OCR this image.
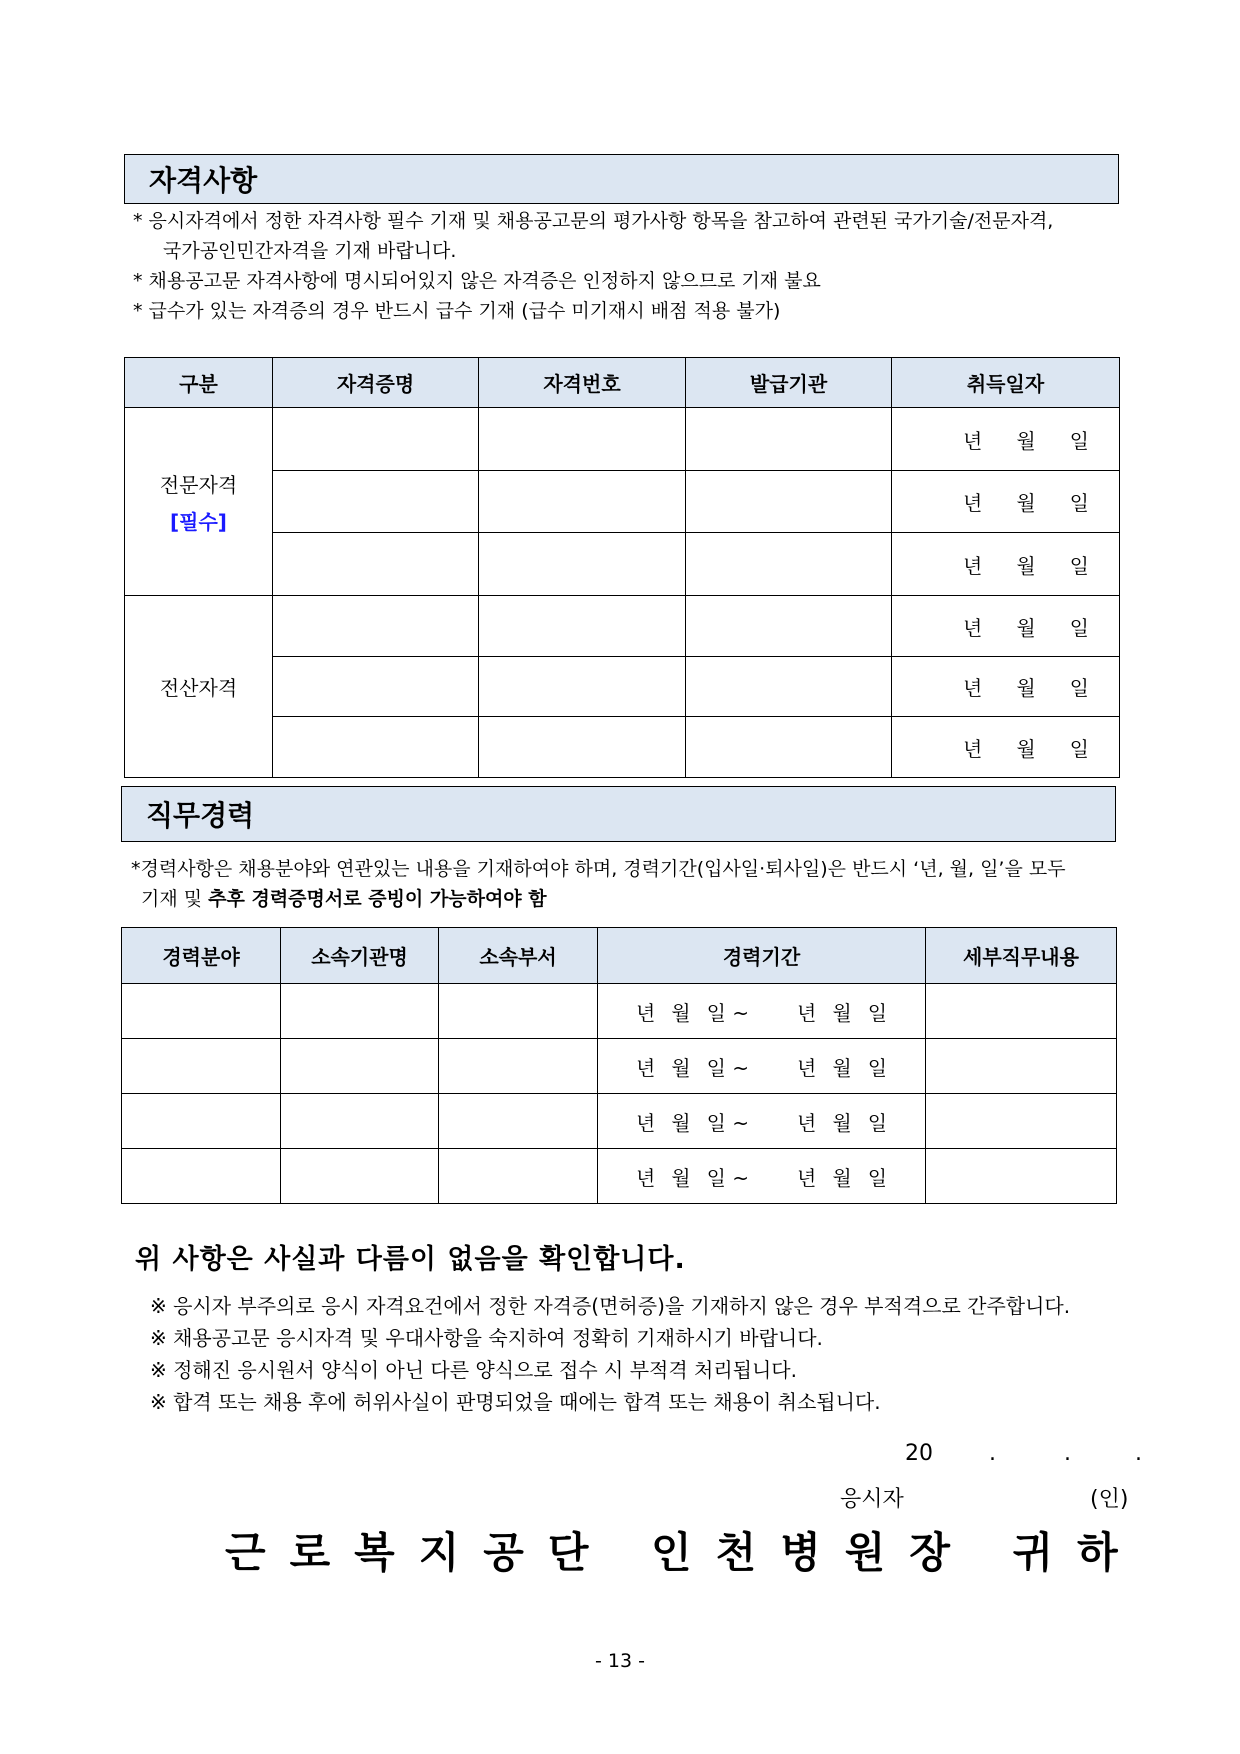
자격사항
* 응시자격에서 정한 자격사항 필수 기재 및 채용공고문의 평가사항 항목을 참고하여 관련된 국가기술/전문자격,
국가공인민간자격을 기재 바랍니다.
* 채용공고문 자격사항에 명시되어있지 않은 자격증은 인정하지 않으므로 기재 불요
* 급수가 있는 자격증의 경우 반드시 급수 기재 (급수 미기재시 배점 적용 불가)
구분	자격증명	자격번호	발급기관	취득일자

전문자격
[필수]				년 월 일
				년 월 일
				년 월 일

전산자격				년 월 일
				년 월 일
				년 월 일
직무경력
*경력사항은 채용분야와 연관있는 내용을 기재하여야 하며, 경력기간(입사일·퇴사일)은 반드시 ‘년, 월, 일’을 모두
기재 및 추후 경력증명서로 증빙이 가능하여야 함
경력분야	소속기관명	소속부서	경력기간	세부직무내용
			년 월 일 ~ 년 월 일	
			년 월 일 ~ 년 월 일	
			년 월 일 ~ 년 월 일	
			년 월 일 ~ 년 월 일	
위 사항은 사실과 다름이 없음을 확인합니다.
※ 응시자 부주의로 응시 자격요건에서 정한 자격증(면허증)을 기재하지 않은 경우 부적격으로 간주합니다.
※ 채용공고문 응시자격 및 우대사항을 숙지하여 정확히 기재하시기 바랍니다.
※ 정해진 응시원서 양식이 아닌 다른 양식으로 접수 시 부적격 처리됩니다.
※ 합격 또는 채용 후에 허위사실이 판명되었을 때에는 합격 또는 채용이 취소됩니다.
20	.	.	.
응시자	(인)
근로복지공단 인천병원장 귀하
- 13 -
